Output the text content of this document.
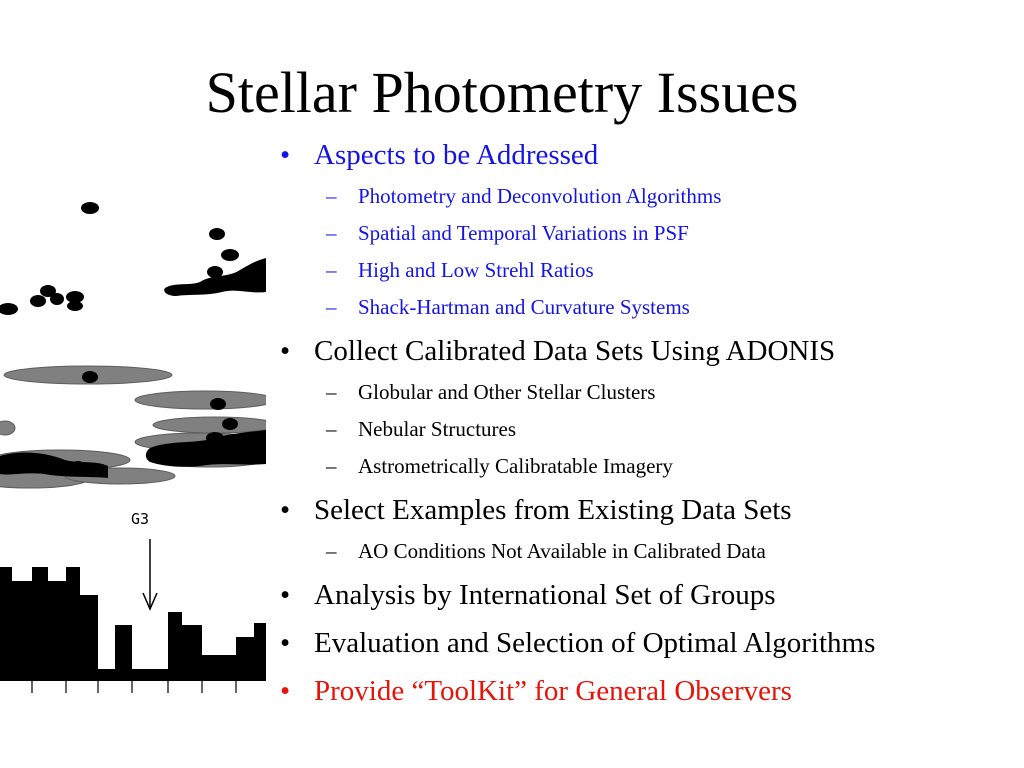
Stellar Photometry Issues
G3
• Aspects to be Addressed
– Photometry and Deconvolution Algorithms
– Spatial and Temporal Variations in PSF
– High and Low Strehl Ratios
– Shack-Hartman and Curvature Systems
• Collect Calibrated Data Sets Using ADONIS
– Globular and Other Stellar Clusters
– Nebular Structures
– Astrometrically Calibratable Imagery
• Select Examples from Existing Data Sets
– AO Conditions Not Available in Calibrated Data
• Analysis by International Set of Groups
• Evaluation and Selection of Optimal Algorithms
• Provide “ToolKit” for General Observers
